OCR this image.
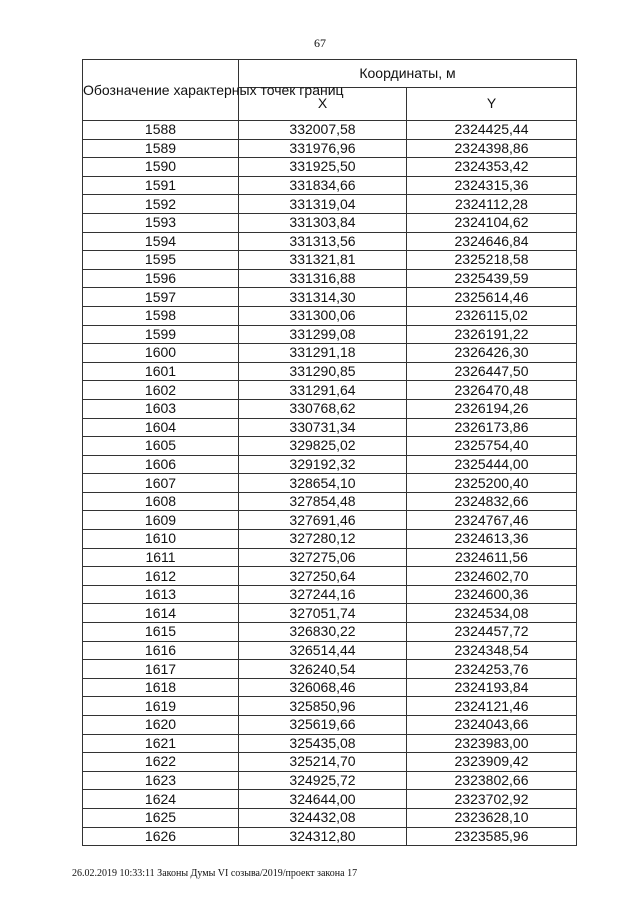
67
Обозначение характерных точек границ	Координаты, м	
	X	Y
1588	332007,58	2324425,44
1589	331976,96	2324398,86
1590	331925,50	2324353,42
1591	331834,66	2324315,36
1592	331319,04	2324112,28
1593	331303,84	2324104,62
1594	331313,56	2324646,84
1595	331321,81	2325218,58
1596	331316,88	2325439,59
1597	331314,30	2325614,46
1598	331300,06	2326115,02
1599	331299,08	2326191,22
1600	331291,18	2326426,30
1601	331290,85	2326447,50
1602	331291,64	2326470,48
1603	330768,62	2326194,26
1604	330731,34	2326173,86
1605	329825,02	2325754,40
1606	329192,32	2325444,00
1607	328654,10	2325200,40
1608	327854,48	2324832,66
1609	327691,46	2324767,46
1610	327280,12	2324613,36
1611	327275,06	2324611,56
1612	327250,64	2324602,70
1613	327244,16	2324600,36
1614	327051,74	2324534,08
1615	326830,22	2324457,72
1616	326514,44	2324348,54
1617	326240,54	2324253,76
1618	326068,46	2324193,84
1619	325850,96	2324121,46
1620	325619,66	2324043,66
1621	325435,08	2323983,00
1622	325214,70	2323909,42
1623	324925,72	2323802,66
1624	324644,00	2323702,92
1625	324432,08	2323628,10
1626	324312,80	2323585,96
26.02.2019 10:33:11 Законы Думы VI созыва/2019/проект закона 17
